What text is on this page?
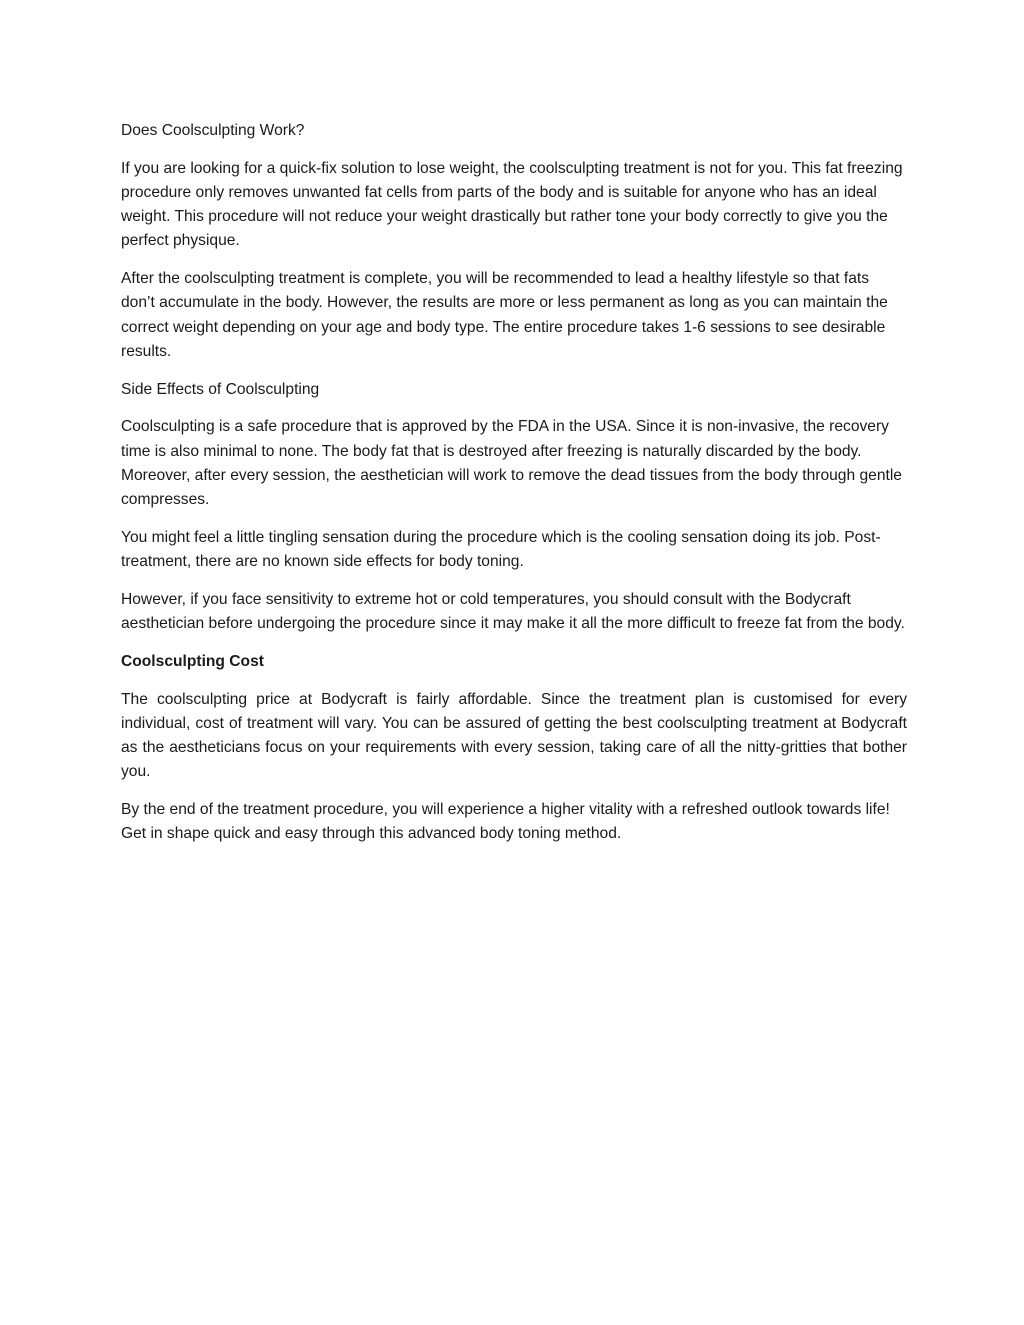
Does Coolsculpting Work?

If you are looking for a quick-fix solution to lose weight, the coolsculpting treatment is not for you. This fat freezing procedure only removes unwanted fat cells from parts of the body and is suitable for anyone who has an ideal weight. This procedure will not reduce your weight drastically but rather tone your body correctly to give you the perfect physique.

After the coolsculpting treatment is complete, you will be recommended to lead a healthy lifestyle so that fats don’t accumulate in the body. However, the results are more or less permanent as long as you can maintain the correct weight depending on your age and body type. The entire procedure takes 1-6 sessions to see desirable results.

Side Effects of Coolsculpting

Coolsculpting is a safe procedure that is approved by the FDA in the USA. Since it is non-invasive, the recovery time is also minimal to none. The body fat that is destroyed after freezing is naturally discarded by the body. Moreover, after every session, the aesthetician will work to remove the dead tissues from the body through gentle compresses.

You might feel a little tingling sensation during the procedure which is the cooling sensation doing its job. Post-treatment, there are no known side effects for body toning.

However, if you face sensitivity to extreme hot or cold temperatures, you should consult with the Bodycraft aesthetician before undergoing the procedure since it may make it all the more difficult to freeze fat from the body.

Coolsculpting Cost

The coolsculpting price at Bodycraft is fairly affordable. Since the treatment plan is customised for every individual, cost of treatment will vary. You can be assured of getting the best coolsculpting treatment at Bodycraft as the aestheticians focus on your requirements with every session, taking care of all the nitty-gritties that bother you.

By the end of the treatment procedure, you will experience a higher vitality with a refreshed outlook towards life! Get in shape quick and easy through this advanced body toning method.
